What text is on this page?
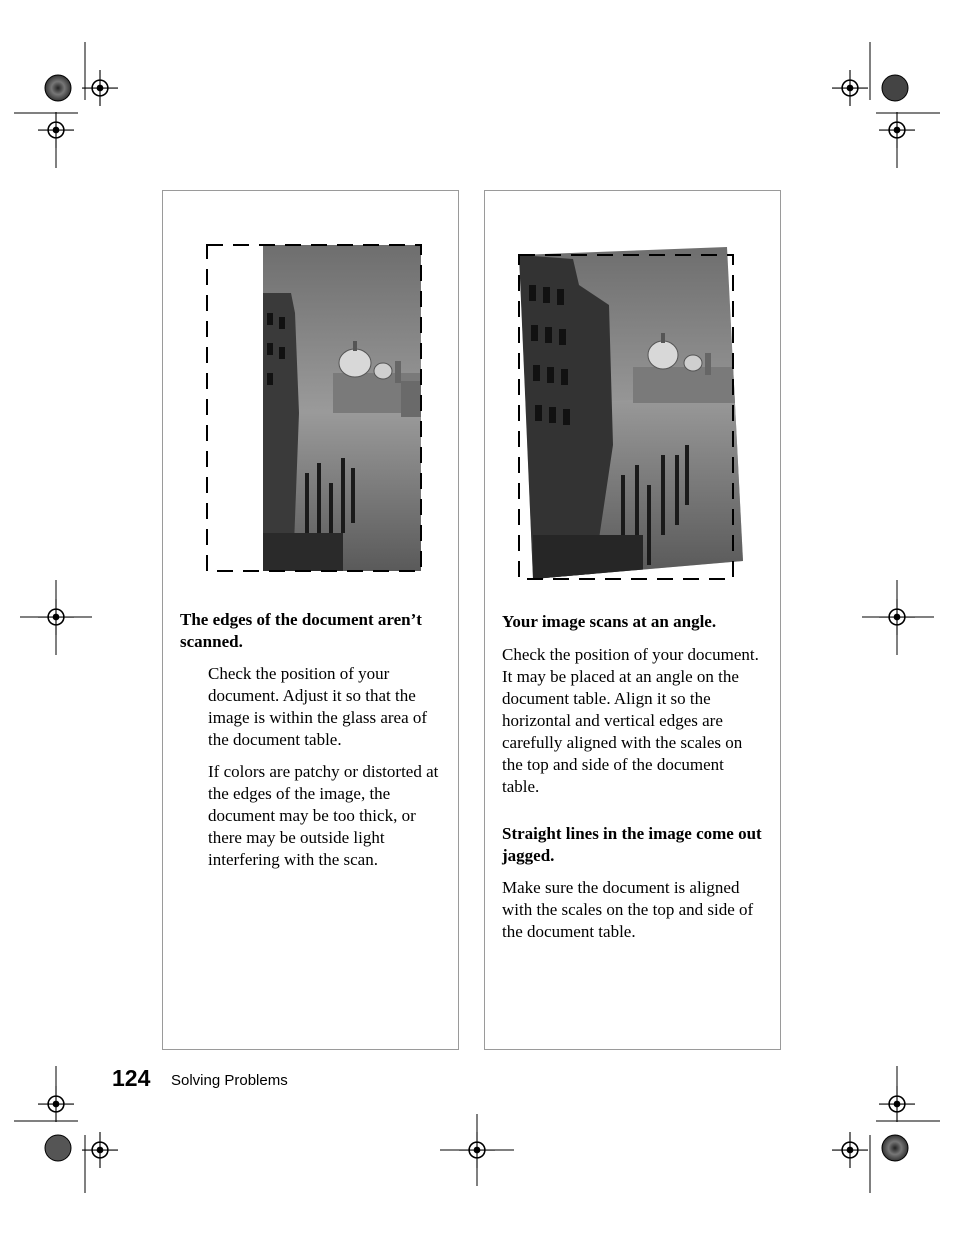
The edges of the document aren’t scanned.

Check the position of your document. Adjust it so that the image is within the glass area of the document table.

If colors are patchy or distorted at the edges of the image, the document may be too thick, or there may be outside light interfering with the scan.

Your image scans at an angle.

Check the position of your document. It may be placed at an angle on the document table. Align it so the horizontal and vertical edges are carefully aligned with the scales on the top and side of the document table.

Straight lines in the image come out jagged.

Make sure the document is aligned with the scales on the top and side of the document table.

124 Solving Problems
